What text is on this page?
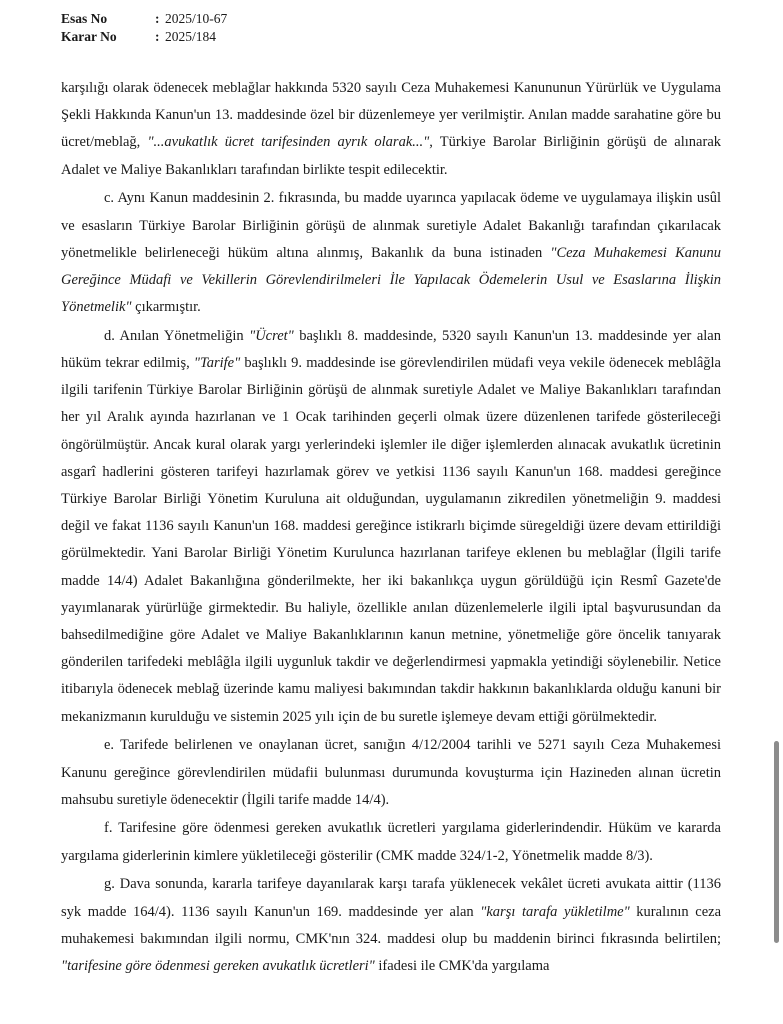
Esas No	: 2025/10-67
Karar No	: 2025/184

karşılığı olarak ödenecek meblağlar hakkında 5320 sayılı Ceza Muhakemesi Kanununun Yürürlük ve Uygulama Şekli Hakkında Kanun'un 13. maddesinde özel bir düzenlemeye yer verilmiştir. Anılan madde sarahatine göre bu ücret/meblağ, "...avukatlık ücret tarifesinden ayrık olarak...", Türkiye Barolar Birliğinin görüşü de alınarak Adalet ve Maliye Bakanlıkları tarafından birlikte tespit edilecektir.

c. Aynı Kanun maddesinin 2. fıkrasında, bu madde uyarınca yapılacak ödeme ve uygulamaya ilişkin usûl ve esasların Türkiye Barolar Birliğinin görüşü de alınmak suretiyle Adalet Bakanlığı tarafından çıkarılacak yönetmelikle belirleneceği hüküm altına alınmış, Bakanlık da buna istinaden "Ceza Muhakemesi Kanunu Gereğince Müdafi ve Vekillerin Görevlendirilmeleri İle Yapılacak Ödemelerin Usul ve Esaslarına İlişkin Yönetmelik" çıkarmıştır.

d. Anılan Yönetmeliğin "Ücret" başlıklı 8. maddesinde, 5320 sayılı Kanun'un 13. maddesinde yer alan hüküm tekrar edilmiş, "Tarife" başlıklı 9. maddesinde ise görevlendirilen müdafi veya vekile ödenecek meblâğla ilgili tarifenin Türkiye Barolar Birliğinin görüşü de alınmak suretiyle Adalet ve Maliye Bakanlıkları tarafından her yıl Aralık ayında hazırlanan ve 1 Ocak tarihinden geçerli olmak üzere düzenlenen tarifede gösterileceği öngörülmüştür. Ancak kural olarak yargı yerlerindeki işlemler ile diğer işlemlerden alınacak avukatlık ücretinin asgarî hadlerini gösteren tarifeyi hazırlamak görev ve yetkisi 1136 sayılı Kanun'un 168. maddesi gereğince Türkiye Barolar Birliği Yönetim Kuruluna ait olduğundan, uygulamanın zikredilen yönetmeliğin 9. maddesi değil ve fakat 1136 sayılı Kanun'un 168. maddesi gereğince istikrarlı biçimde süregeldiği üzere devam ettirildiği görülmektedir. Yani Barolar Birliği Yönetim Kurulunca hazırlanan tarifeye eklenen bu meblağlar (İlgili tarife madde 14/4) Adalet Bakanlığına gönderilmekte, her iki bakanlıkça uygun görüldüğü için Resmî Gazete'de yayımlanarak yürürlüğe girmektedir. Bu haliyle, özellikle anılan düzenlemelerle ilgili iptal başvurusundan da bahsedilmediğine göre Adalet ve Maliye Bakanlıklarının kanun metnine, yönetmeliğe göre öncelik tanıyarak gönderilen tarifedeki meblâğla ilgili uygunluk takdir ve değerlendirmesi yapmakla yetindiği söylenebilir. Netice itibarıyla ödenecek meblağ üzerinde kamu maliyesi bakımından takdir hakkının bakanlıklarda olduğu kanuni bir mekanizmanın kurulduğu ve sistemin 2025 yılı için de bu suretle işlemeye devam ettiği görülmektedir.

e. Tarifede belirlenen ve onaylanan ücret, sanığın 4/12/2004 tarihli ve 5271 sayılı Ceza Muhakemesi Kanunu gereğince görevlendirilen müdafii bulunması durumunda kovuşturma için Hazineden alınan ücretin mahsubu suretiyle ödenecektir (İlgili tarife madde 14/4).

f. Tarifesine göre ödenmesi gereken avukatlık ücretleri yargılama giderlerindendir. Hüküm ve kararda yargılama giderlerinin kimlere yükletileceği gösterilir (CMK madde 324/1-2, Yönetmelik madde 8/3).

g. Dava sonunda, kararla tarifeye dayanılarak karşı tarafa yüklenecek vekâlet ücreti avukata aittir (1136 syk madde 164/4). 1136 sayılı Kanun'un 169. maddesinde yer alan "karşı tarafa yükletilme" kuralının ceza muhakemesi bakımından ilgili normu, CMK'nın 324. maddesi olup bu maddenin birinci fıkrasında belirtilen; "tarifesine göre ödenmesi gereken avukatlık ücretleri" ifadesi ile CMK'da yargılama
